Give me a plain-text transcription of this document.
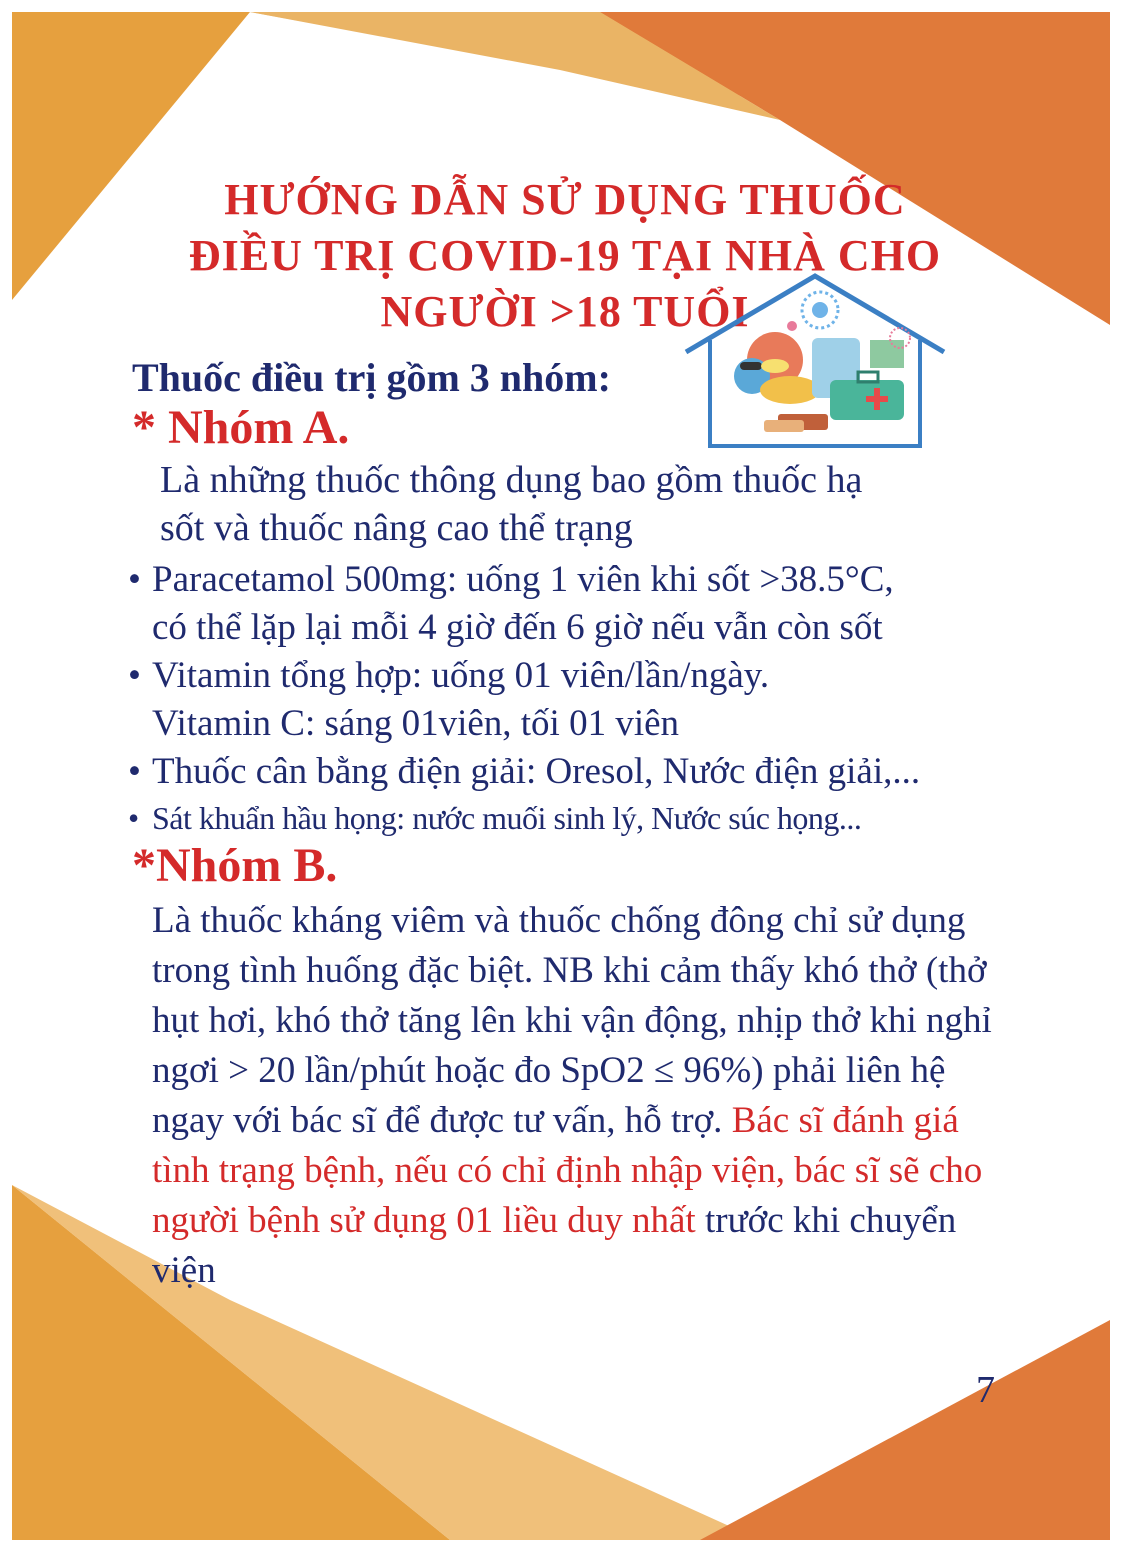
HƯỚNG DẪN SỬ DỤNG THUỐC
ĐIỀU TRỊ COVID-19 TẠI NHÀ CHO
NGƯỜI >18 TUỔI
Thuốc điều trị gồm 3 nhóm:
* Nhóm A.
Là những thuốc thông dụng bao gồm thuốc hạ
sốt và thuốc nâng cao thể trạng
• Paracetamol 500mg: uống 1 viên khi sốt >38.5°C,
có thể lặp lại mỗi 4 giờ đến 6 giờ nếu vẫn còn sốt
• Vitamin tổng hợp: uống 01 viên/lần/ngày.
Vitamin C: sáng 01viên, tối 01 viên
• Thuốc cân bằng điện giải: Oresol, Nước điện giải,...
• Sát khuẩn hầu họng: nước muối sinh lý, Nước súc họng...
*Nhóm B.
Là thuốc kháng viêm và thuốc chống đông chỉ sử dụng trong tình huống đặc biệt. NB khi cảm thấy khó thở (thở hụt hơi, khó thở tăng lên khi vận động, nhịp thở khi nghỉ ngơi > 20 lần/phút hoặc đo SpO2 ≤ 96%) phải liên hệ ngay với bác sĩ để được tư vấn, hỗ trợ. Bác sĩ đánh giá tình trạng bệnh, nếu có chỉ định nhập viện, bác sĩ sẽ cho người bệnh sử dụng 01 liều duy nhất trước khi chuyển viện
7
